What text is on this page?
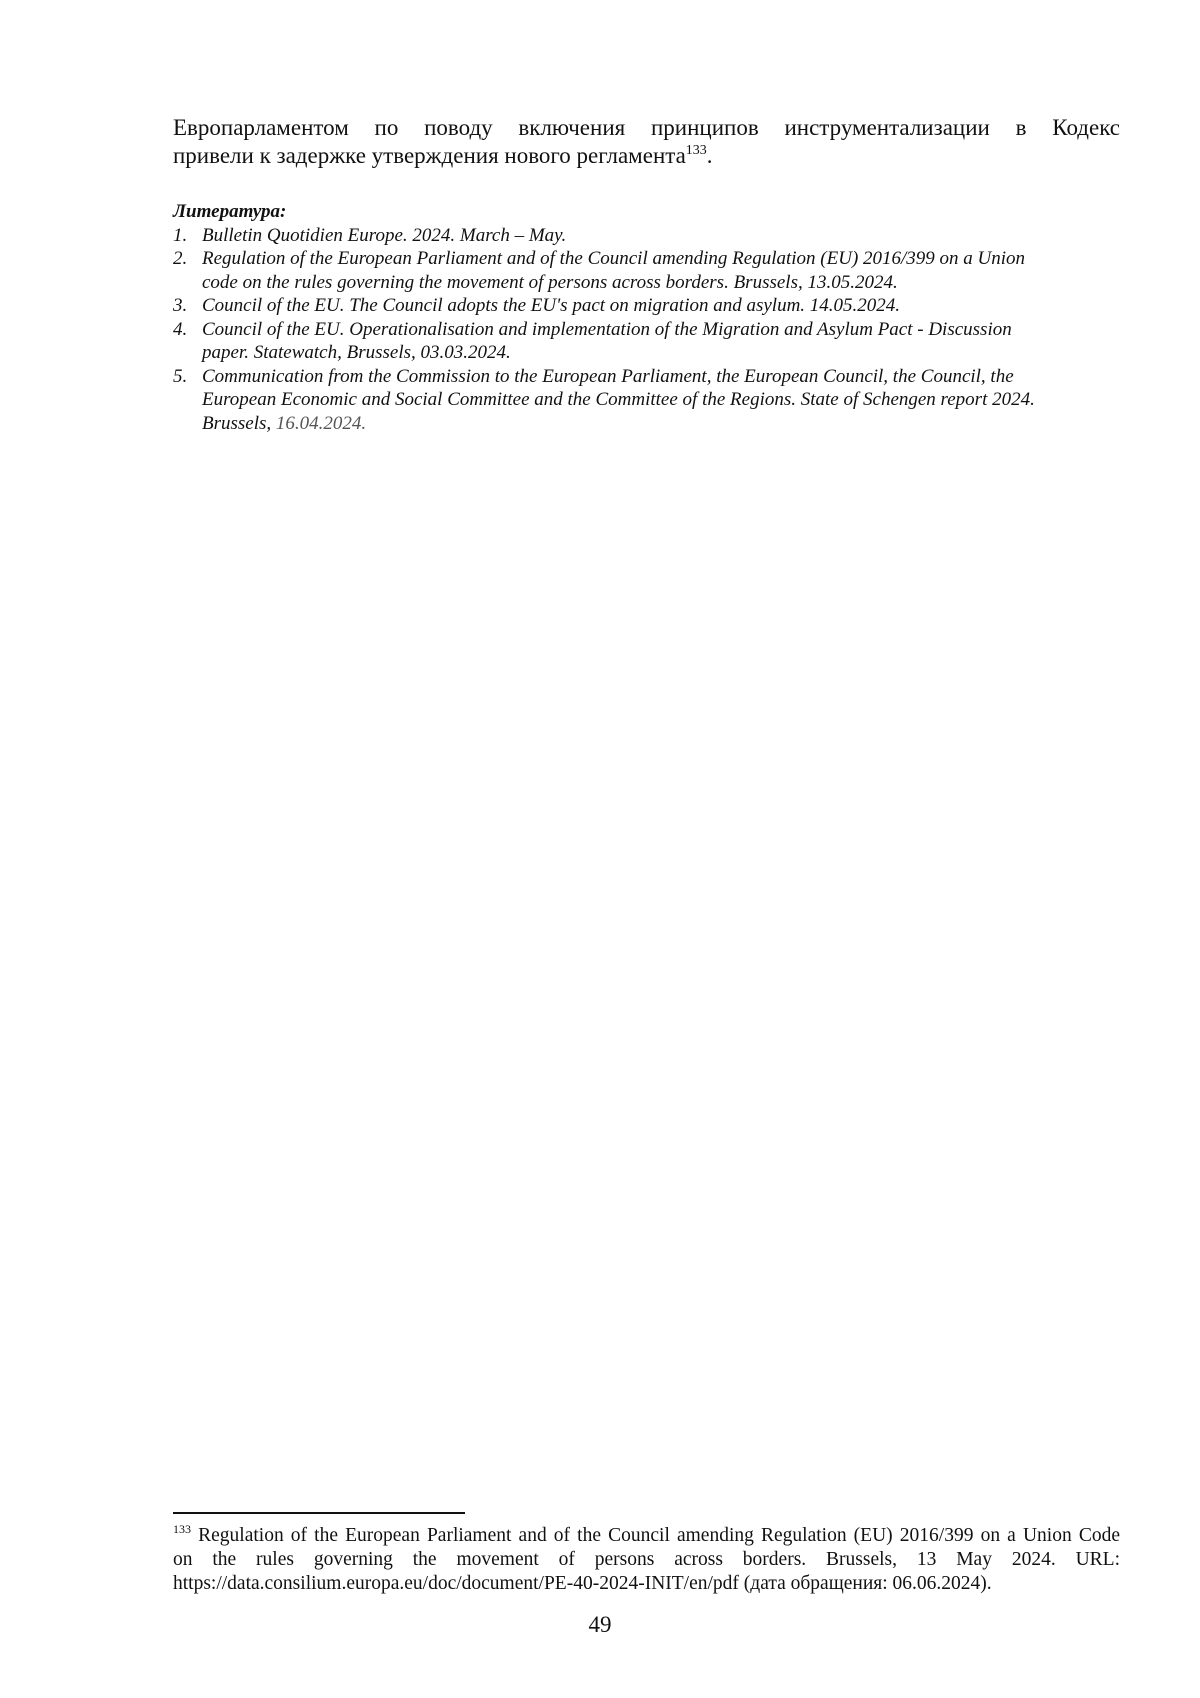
Европарламентом по поводу включения принципов инструментализации в Кодекс
привели к задержке утверждения нового регламента$^{133}$.
Литература:
1. Bulletin Quotidien Europe. 2024. March – May.
2. Regulation of the European Parliament and of the Council amending Regulation (EU) 2016/399 on a Union
code on the rules governing the movement of persons across borders. Brussels, 13.05.2024.
3. Council of the EU. The Council adopts the EU's pact on migration and asylum. 14.05.2024.
4. Council of the EU. Operationalisation and implementation of the Migration and Asylum Pact - Discussion
paper. Statewatch, Brussels, 03.03.2024.
5. Communication from the Commission to the European Parliament, the European Council, the Council, the
European Economic and Social Committee and the Committee of the Regions. State of Schengen report 2024.
Brussels, 16.04.2024.
$^{133}$ Regulation of the European Parliament and of the Council amending Regulation (EU) 2016/399 on a Union Code
on the rules governing the movement of persons across borders. Brussels, 13 May 2024. URL:
https://data.consilium.europa.eu/doc/document/PE-40-2024-INIT/en/pdf (дата обращения: 06.06.2024).
49
